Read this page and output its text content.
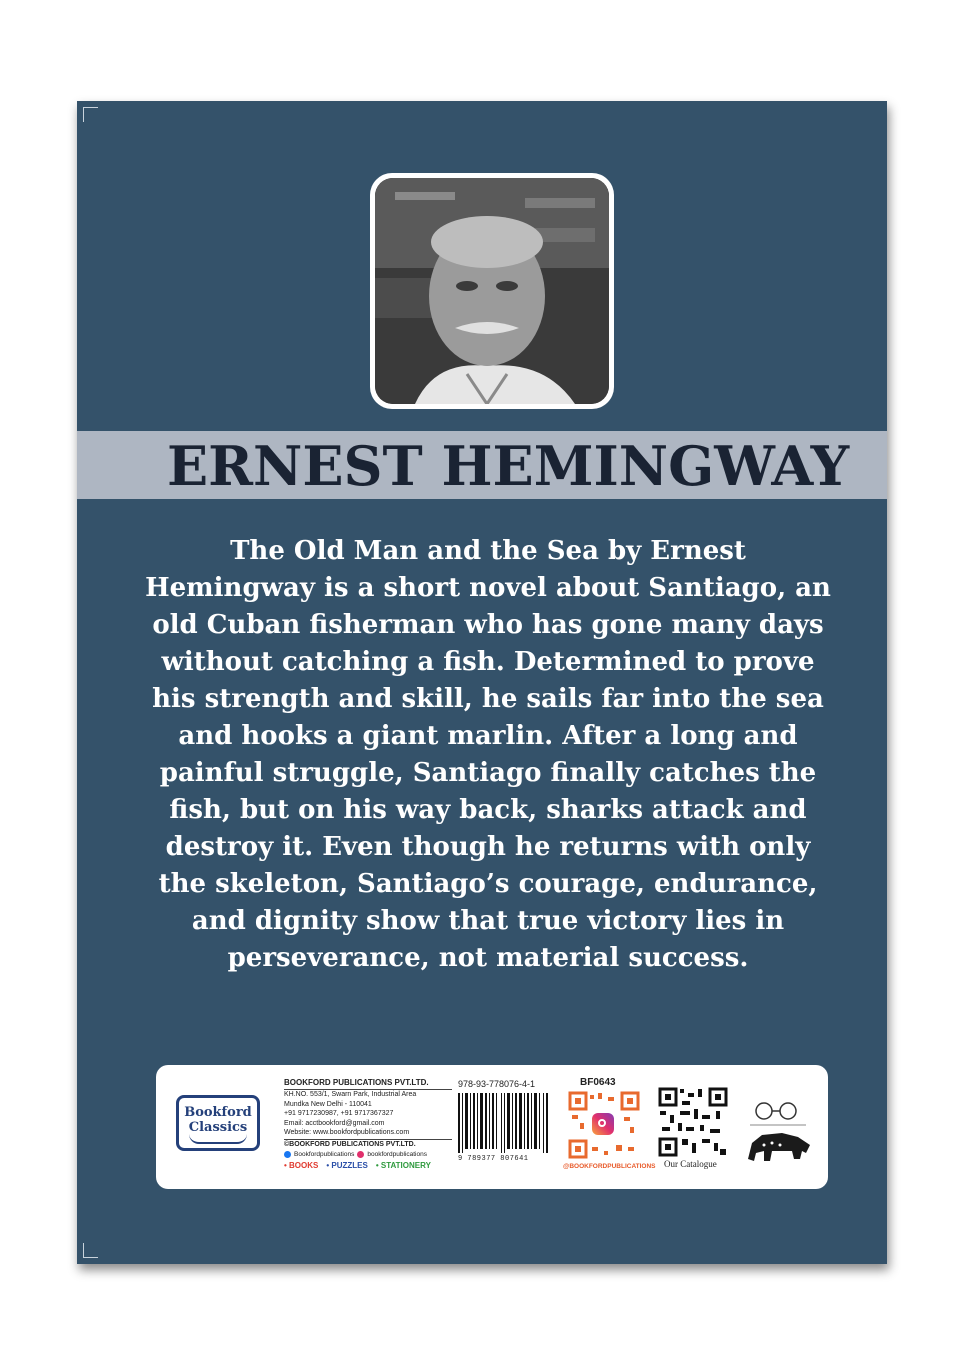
ERNEST HEMINGWAY
The Old Man and the Sea by Ernest Hemingway is a short novel about Santiago, an old Cuban fisherman who has gone many days without catching a fish. Determined to prove his strength and skill, he sails far into the sea and hooks a giant marlin. After a long and painful struggle, Santiago finally catches the fish, but on his way back, sharks attack and destroy it. Even though he returns with only the skeleton, Santiago’s courage, endurance, and dignity show that true victory lies in perseverance, not material success.
Bookford
Classics
BOOKFORD PUBLICATIONS PVT.LTD.
KH.NO. 553/1, Swarn Park, Industrial Area
Mundka New Delhi - 110041
+91 9717230987, +91 9717367327
Email: acctbookford@gmail.com
Website: www.bookfordpublications.com
©BOOKFORD PUBLICATIONS PVT.LTD.
Bookfordpublications bookfordpublications
• BOOKS • PUZZLES • STATIONERY
978-93-778076-4-1
9 789377 807641
BF0643
@BOOKFORDPUBLICATIONS Our Catalogue
